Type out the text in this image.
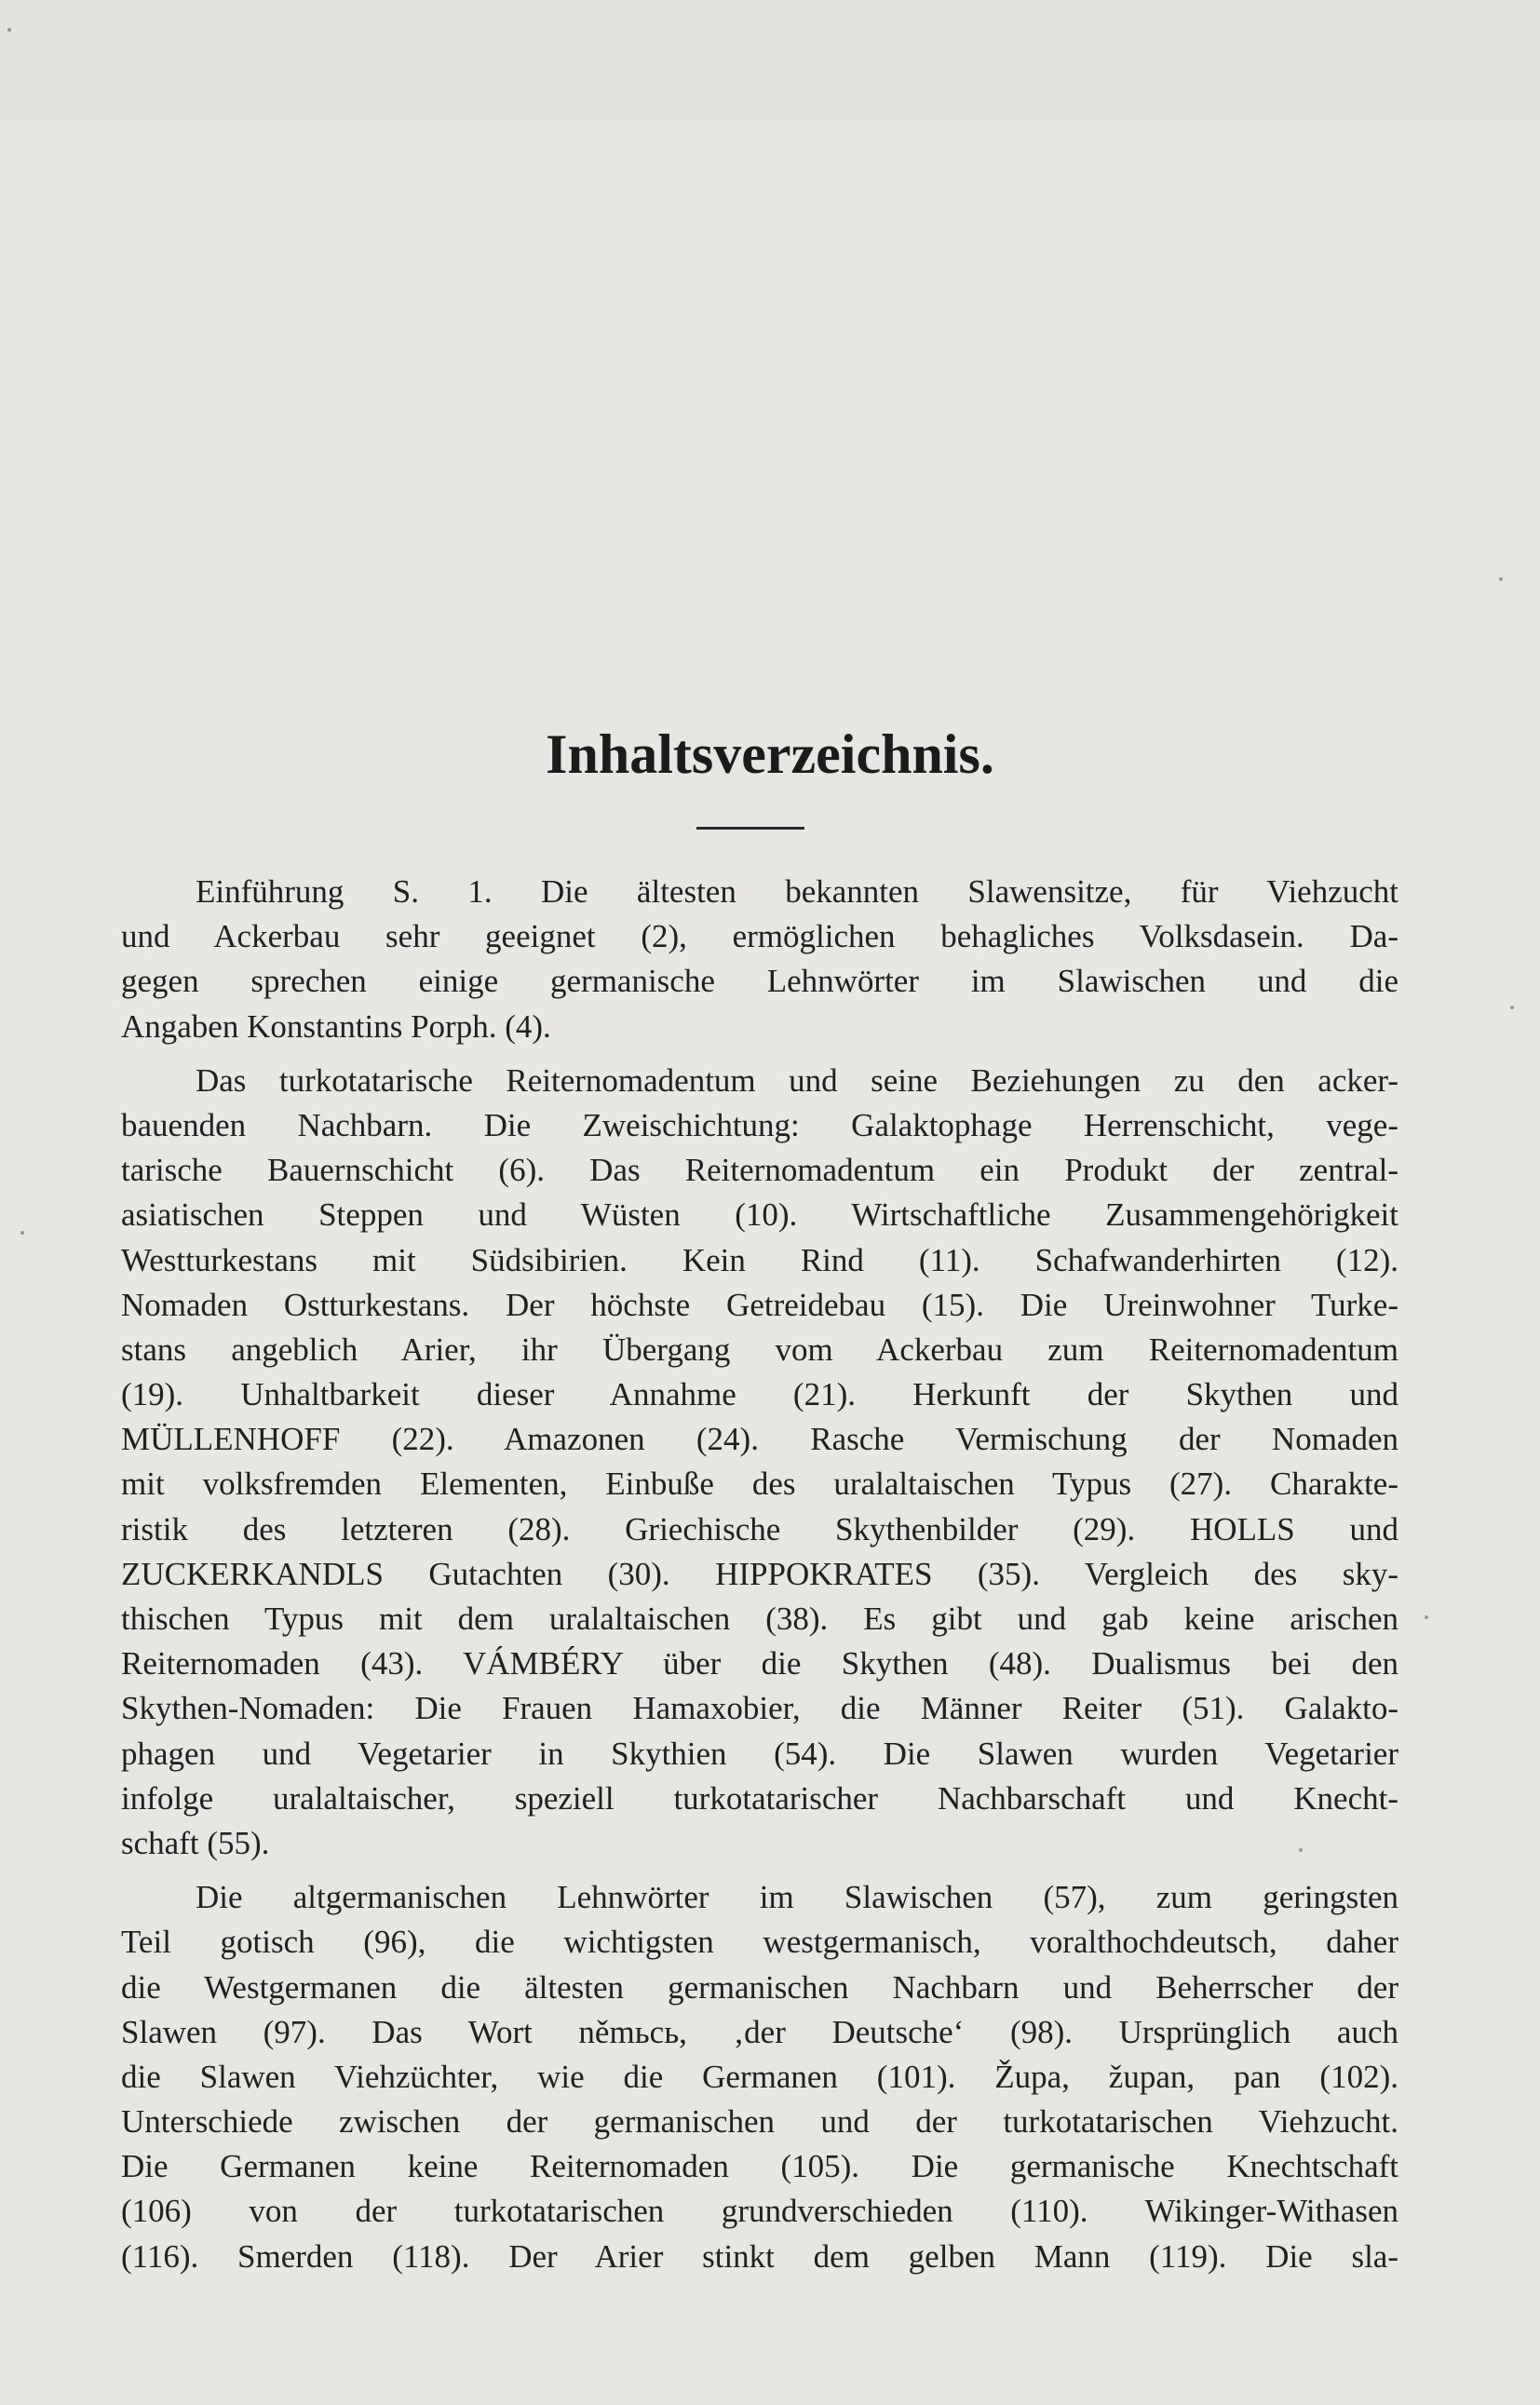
Inhaltsverzeichnis.
Einführung S. 1. Die ältesten bekannten Slawensitze, für Viehzucht
und Ackerbau sehr geeignet (2), ermöglichen behagliches Volksdasein. Da-
gegen sprechen einige germanische Lehnwörter im Slawischen und die
Angaben Konstantins Porph. (4).
Das turkotatarische Reiternomadentum und seine Beziehungen zu den acker-
bauenden Nachbarn. Die Zweischichtung: Galaktophage Herrenschicht, vege-
tarische Bauernschicht (6). Das Reiternomadentum ein Produkt der zentral-
asiatischen Steppen und Wüsten (10). Wirtschaftliche Zusammengehörigkeit
Westturkestans mit Südsibirien. Kein Rind (11). Schafwanderhirten (12).
Nomaden Ostturkestans. Der höchste Getreidebau (15). Die Ureinwohner Turke-
stans angeblich Arier, ihr Übergang vom Ackerbau zum Reiternomadentum
(19). Unhaltbarkeit dieser Annahme (21). Herkunft der Skythen und
MÜLLENHOFF (22). Amazonen (24). Rasche Vermischung der Nomaden
mit volksfremden Elementen, Einbuße des uralaltaischen Typus (27). Charakte-
ristik des letzteren (28). Griechische Skythenbilder (29). HOLLS und
ZUCKERKANDLS Gutachten (30). HIPPOKRATES (35). Vergleich des sky-
thischen Typus mit dem uralaltaischen (38). Es gibt und gab keine arischen
Reiternomaden (43). VÁMBÉRY über die Skythen (48). Dualismus bei den
Skythen-Nomaden: Die Frauen Hamaxobier, die Männer Reiter (51). Galakto-
phagen und Vegetarier in Skythien (54). Die Slawen wurden Vegetarier
infolge uralaltaischer, speziell turkotatarischer Nachbarschaft und Knecht-
schaft (55).
Die altgermanischen Lehnwörter im Slawischen (57), zum geringsten
Teil gotisch (96), die wichtigsten westgermanisch, voralthochdeutsch, daher
die Westgermanen die ältesten germanischen Nachbarn und Beherrscher der
Slawen (97). Das Wort němьcь, ‚der Deutsche‘ (98). Ursprünglich auch
die Slawen Viehzüchter, wie die Germanen (101). Župa, župan, pan (102).
Unterschiede zwischen der germanischen und der turkotatarischen Viehzucht.
Die Germanen keine Reiternomaden (105). Die germanische Knechtschaft
(106) von der turkotatarischen grundverschieden (110). Wikinger-Withasen
(116). Smerden (118). Der Arier stinkt dem gelben Mann (119). Die sla-
